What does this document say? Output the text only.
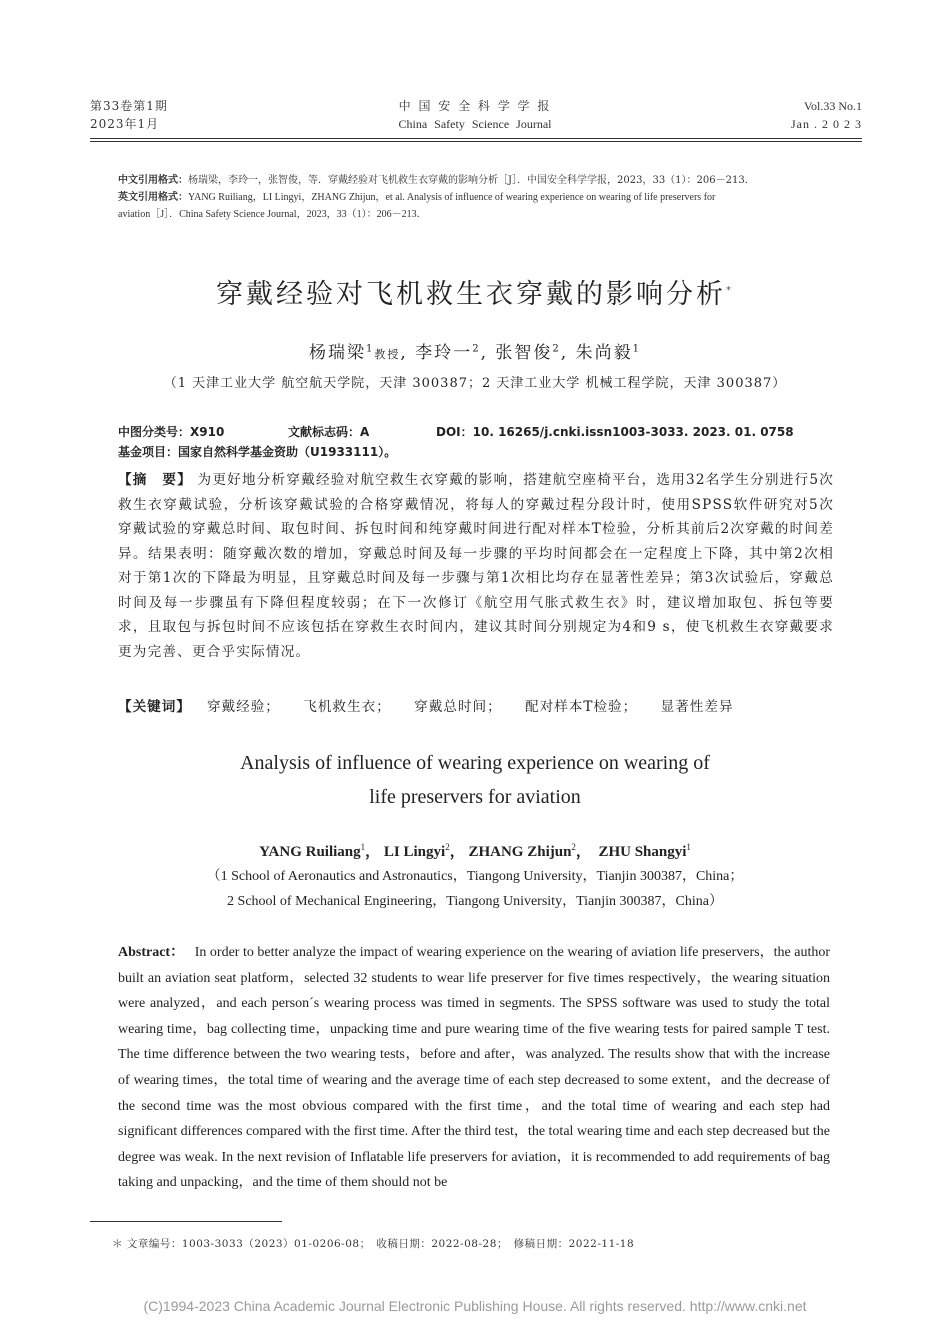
第33卷第1期
2023年1月
中 国 安 全 科 学 学 报
China Safety Science Journal
Vol.33 No.1
Jan . 2 0 2 3
中文引用格式：杨瑞梁，李玲一，张智俊，等．穿戴经验对飞机救生衣穿戴的影响分析［J］．中国安全科学学报，2023，33（1）：206－213．
英文引用格式：YANG Ruiliang，LI Lingyi，ZHANG Zhijun，et al. Analysis of influence of wearing experience on wearing of life preservers for
aviation［J］．China Safety Science Journal，2023，33（1）：206－213．
穿戴经验对飞机救生衣穿戴的影响分析*
杨瑞梁$^1$教授, 李玲一$^2$, 张智俊$^2$, 朱尚毅$^1$
（1 天津工业大学 航空航天学院，天津 300387；2 天津工业大学 机械工程学院，天津 300387）
中图分类号：X910	文献标志码：A	DOI：10. 16265/j.cnki.issn1003-3033. 2023. 01. 0758
基金项目：国家自然科学基金资助（U1933111）。
【摘　要】 为更好地分析穿戴经验对航空救生衣穿戴的影响，搭建航空座椅平台，选用32名学生分别进行5次救生衣穿戴试验，分析该穿戴试验的合格穿戴情况，将每人的穿戴过程分段计时，使用SPSS软件研究对5次穿戴试验的穿戴总时间、取包时间、拆包时间和纯穿戴时间进行配对样本T检验，分析其前后2次穿戴的时间差异。结果表明：随穿戴次数的增加，穿戴总时间及每一步骤的平均时间都会在一定程度上下降，其中第2次相对于第1次的下降最为明显，且穿戴总时间及每一步骤与第1次相比均存在显著性差异；第3次试验后，穿戴总时间及每一步骤虽有下降但程度较弱；在下一次修订《航空用气胀式救生衣》时，建议增加取包、拆包等要求，且取包与拆包时间不应该包括在穿救生衣时间内，建议其时间分别规定为4和9 s，使飞机救生衣穿戴要求更为完善、更合乎实际情况。
【关键词】 穿戴经验； 飞机救生衣； 穿戴总时间； 配对样本T检验； 显著性差异
Analysis of influence of wearing experience on wearing of
life preservers for aviation
YANG Ruiliang$^1$， LI Lingyi$^2$， ZHANG Zhijun$^2$， ZHU Shangyi$^1$
（1 School of Aeronautics and Astronautics，Tiangong University，Tianjin 300387，China；
2 School of Mechanical Engineering，Tiangong University，Tianjin 300387，China）
Abstract： In order to better analyze the impact of wearing experience on the wearing of aviation life preservers，the author built an aviation seat platform，selected 32 students to wear life preserver for five times respectively，the wearing situation were analyzed，and each person´s wearing process was timed in segments. The SPSS software was used to study the total wearing time，bag collecting time，unpacking time and pure wearing time of the five wearing tests for paired sample T test. The time difference between the two wearing tests，before and after，was analyzed. The results show that with the increase of wearing times，the total time of wearing and the average time of each step decreased to some extent，and the decrease of the second time was the most obvious compared with the first time，and the total time of wearing and each step had significant differences compared with the first time. After the third test，the total wearing time and each step decreased but the degree was weak. In the next revision of Inflatable life preservers for aviation，it is recommended to add requirements of bag taking and unpacking，and the time of them should not be
＊ 文章编号：1003-3033（2023）01-0206-08；　收稿日期：2022-08-28；　修稿日期：2022-11-18
(C)1994-2023 China Academic Journal Electronic Publishing House. All rights reserved. http://www.cnki.net
